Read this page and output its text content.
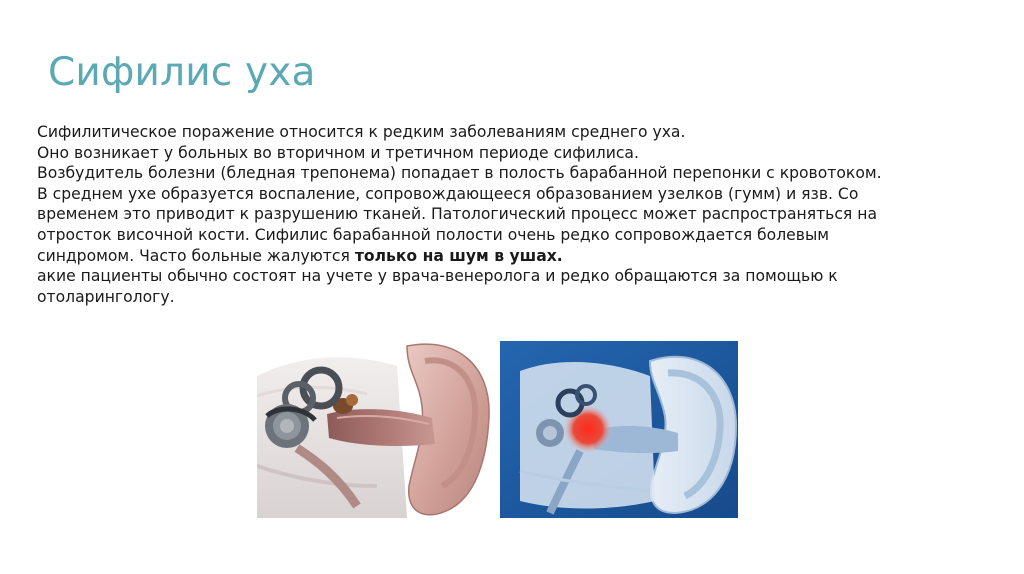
Сифилис уха
Сифилитическое поражение относится к редким заболеваниям среднего уха.
Оно возникает у больных во вторичном и третичном периоде сифилиса.
Возбудитель болезни (бледная трепонема) попадает в полость барабанной перепонки с кровотоком.
В среднем ухе образуется воспаление, сопровождающееся образованием узелков (гумм) и язв. Со
временем это приводит к разрушению тканей. Патологический процесс может распространяться на
отросток височной кости. Сифилис барабанной полости очень редко сопровождается болевым
синдромом. Часто больные жалуются только на шум в ушах.
акие пациенты обычно состоят на учете у врача-венеролога и редко обращаются за помощью к
отоларингологу.
